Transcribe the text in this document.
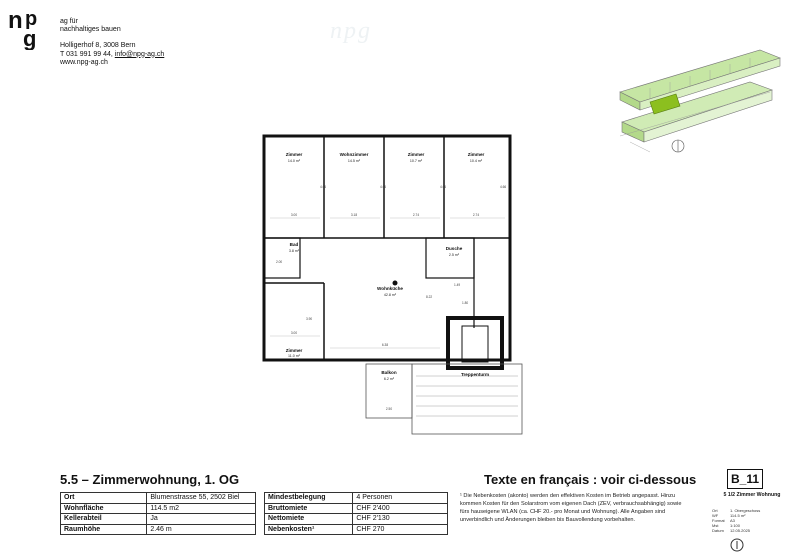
n p
g
ag für
nachhaltiges bauen
Holligerhof 8, 3008 Bern
T 031 991 99 44, info@npg-ag.ch
www.npg-ag.ch
npg
Zimmer
14.0 m²
Wohnzimmer
14.5 m²
Zimmer
10.7 m²
Zimmer
10.4 m²
Bad
3.8 m²	Dusche
2.5 m²
Wohnküche
42.8 m²
Zimmer
11.0 m²
Balkon
6.2 m²
Treppenturm
3.00	3.18	2.74	2.74
4.66	4.66	4.66	4.66
2.00
3.00
6.38
8.22
2.50
3.90
1.49
1.80
5.5 – Zimmerwohnung, 1. OG	Texte en français : voir ci-dessous
Ort	Blumenstrasse 55, 2502 Biel
Wohnfläche	114.5 m2
Kellerabteil	Ja
Raumhöhe	2.46 m
Mindestbelegung	4 Personen
Bruttomiete	CHF 2'400
Nettomiete	CHF 2'130
Nebenkosten¹	CHF 270
¹ Die Nebenkosten (akonto) werden den effektiven Kosten im Betrieb angepasst. Hinzu kommen Kosten für den Solarstrom vom eigenen Dach (ZEV, verbrauchsabhängig) sowie fürs hauseigene WLAN (ca. CHF 20.- pro Monat und Wohnung). Alle Angaben sind unverbindlich und Änderungen bleiben bis Bauvollendung vorbehalten.
B_11
5 1/2 Zimmer Wohnung
Ort	1. Obergeschoss
WF	114.5 m²
Format A3
Mst	1:100
Datum 12.05.2025
